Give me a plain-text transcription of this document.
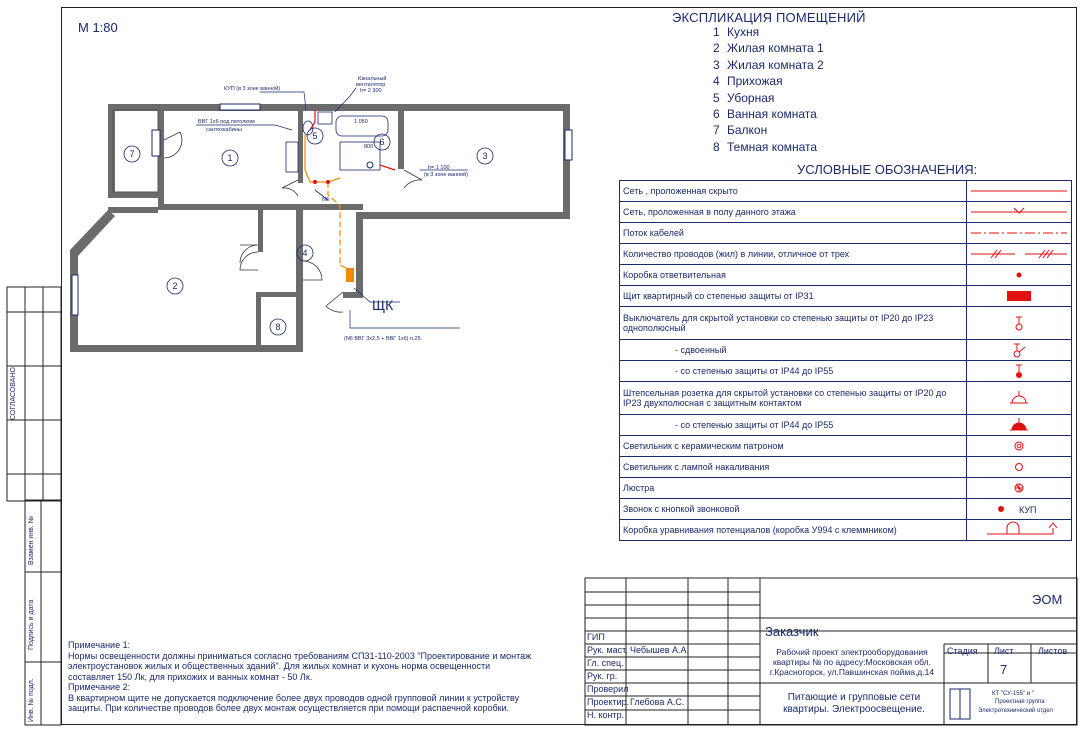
М 1:80
ЭКСПЛИКАЦИЯ ПОМЕЩЕНИЙ
1 Кухня
2 Жилая комната 1
3 Жилая комната 2
4 Прихожая
5 Уборная
6 Ванная комната
7 Балкон
8 Темная комната
УСЛОВНЫЕ ОБОЗНАЧЕНИЯ:
Сеть , проложенная скрыто	

Сеть, проложенная в полу данного этажа	

Поток кабелей	

Количество проводов (жил) в линии, отличное от трех	

Коробка ответвительная	

Щит квартирный со степенью защиты от IP31	

Выключатель для скрытой установки со степенью защиты от IP20 до IP23 однополюсный	

- сдвоенный	

- со степенью защиты от IP44 до IP55	

Штепсельная розетка для скрытой установки со степенью защиты от IP20 до IP23 двухполюсная с защитным контактом	

- со степенью защиты от IP44 до IP55	

Светильник с керамическим патроном	

Светильник с лампой накаливания	

Люстра	

Звонок с кнопкой звонковой	КУП

Коробка уравнивания потенциалов (коробка У994 с клеммником)	
7	1	3
2
4
5
6
8
КУП (в 3 зоне ванной)
Канальный
вентилятор
h= 2 300
ВВГ 1х6 под потолком
сантехкабины
1 050
800
h= 1 100
(в 3 зоне ванной)
N6
(N6 ВВГ 3х2,5 + ВВГ 1х6) п.25
ЩК
Примечание 1:
Нормы освещенности должны приниматься согласно требованиям СП31-110-2003 "Проектирование и монтаж электроустановок жилых и общественных зданий". Для жилых комнат и кухонь норма освещенности составляет 150 Лк, для прихожих и ванных комнат - 50 Лк.
Примечание 2:
В квартирном щите не допускается подключение более двух проводов одной групповой линии к устройству защиты. При количестве проводов более двух монтаж осуществляется при помощи распаечной коробки.
СОГЛАСОВАНО:
Взамен инв. №
Подпись и дата
Инв. № подл.
ГИП
Рук. маст. Чебышев А.А.
Гл. спец.
Рук. гр.
Проверил
Проектир. Глебова А.С.
Н. контр.
ЭОМ
Заказчик
Рабочий проект электрооборудования квартиры № по адресу:Московская обл, г.Красногорск, ул.Павшинская пойма,д.14
Стадия Лист	Листов
7
Питающие и групповые сети квартиры. Электроосвещение.
КТ "СУ-155" и "
Проектная группа
Электротехнический отдел
